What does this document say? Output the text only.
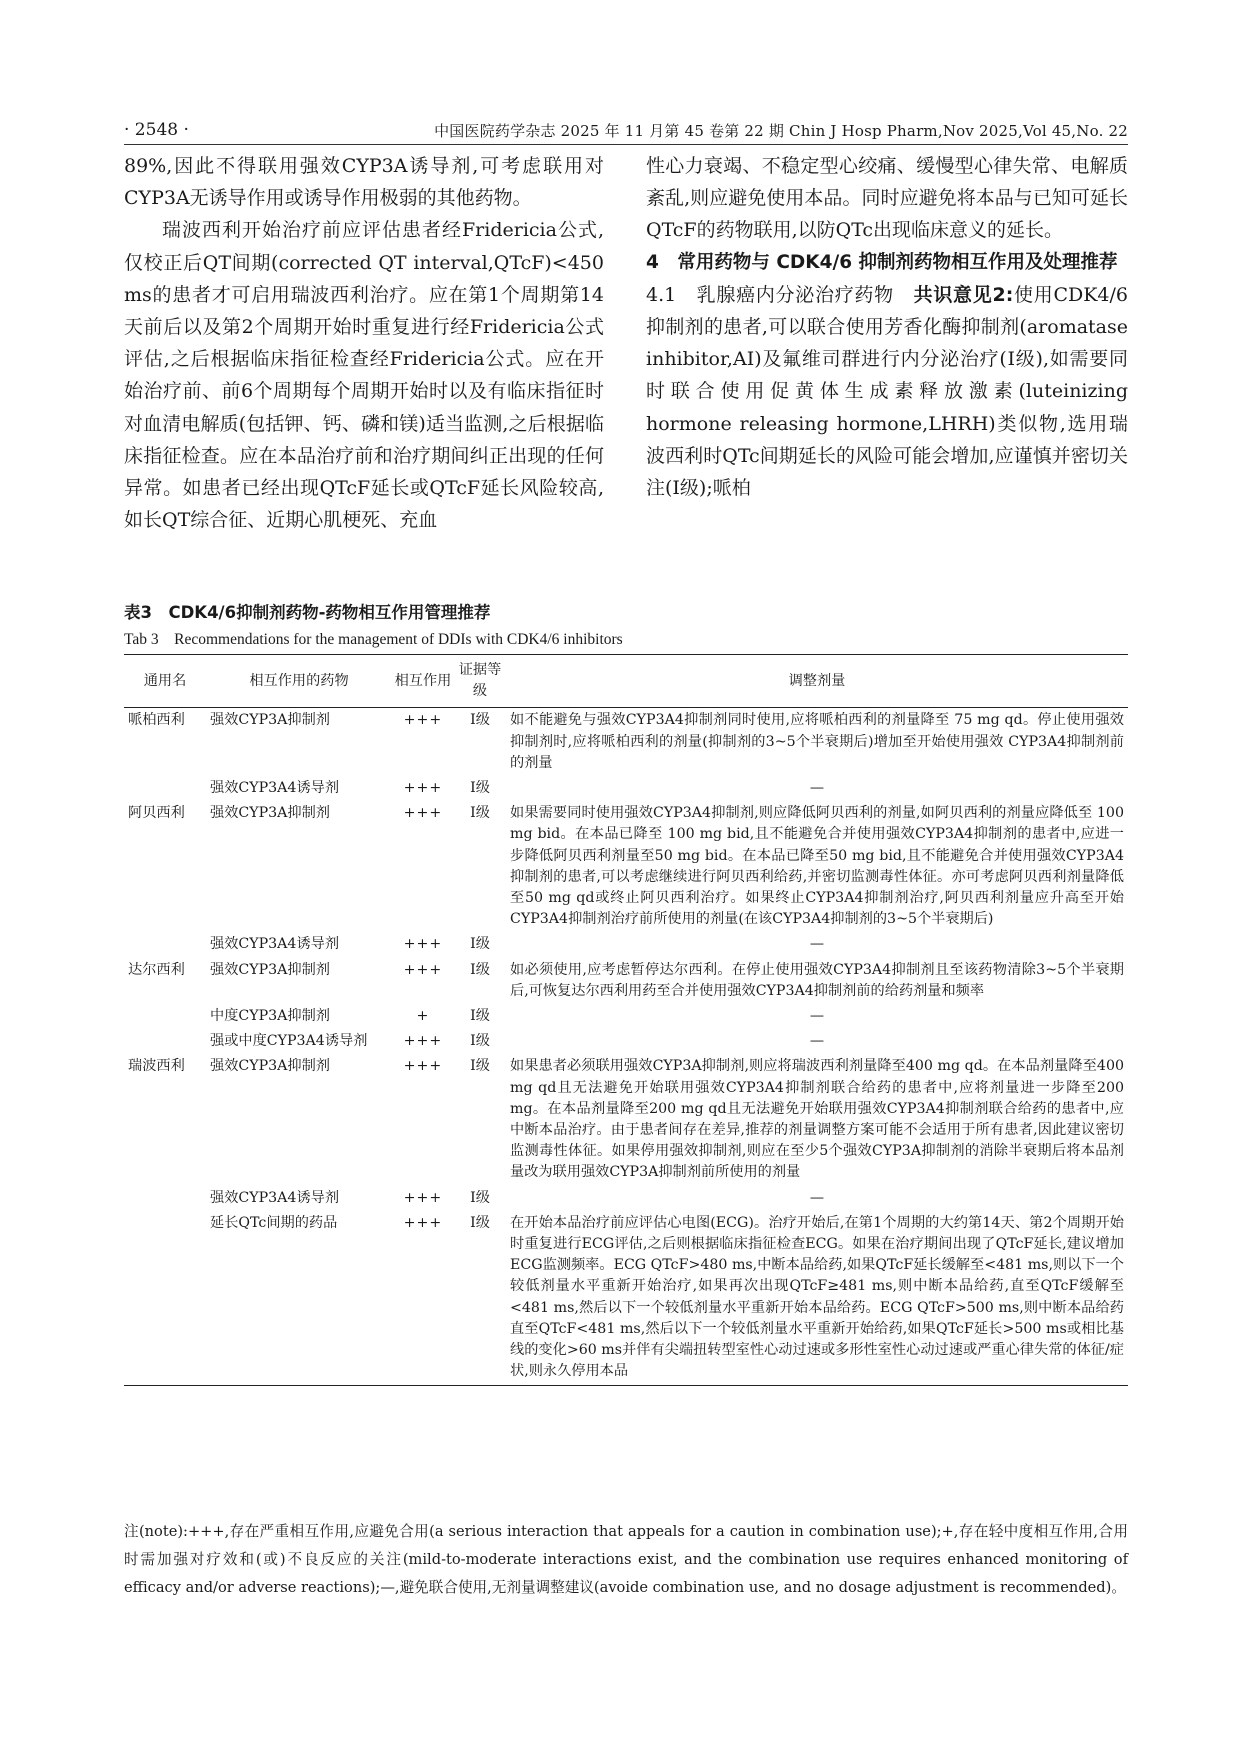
· 2548 ·	中国医院药学杂志 2025 年 11 月第 45 卷第 22 期 Chin J Hosp Pharm,Nov 2025,Vol 45,No. 22

89%,因此不得联用强效CYP3A诱导剂,可考虑联用对CYP3A无诱导作用或诱导作用极弱的其他药物。

瑞波西利开始治疗前应评估患者经Fridericia公式,仅校正后QT间期(corrected QT interval,QTcF)<450 ms的患者才可启用瑞波西利治疗。应在第1个周期第14天前后以及第2个周期开始时重复进行经Fridericia公式评估,之后根据临床指征检查经Fridericia公式。应在开始治疗前、前6个周期每个周期开始时以及有临床指征时对血清电解质(包括钾、钙、磷和镁)适当监测,之后根据临床指征检查。应在本品治疗前和治疗期间纠正出现的任何异常。如患者已经出现QTcF延长或QTcF延长风险较高,如长QT综合征、近期心肌梗死、充血

性心力衰竭、不稳定型心绞痛、缓慢型心律失常、电解质紊乱,则应避免使用本品。同时应避免将本品与已知可延长QTcF的药物联用,以防QTc出现临床意义的延长。

4　常用药物与 CDK4/6 抑制剂药物相互作用及处理推荐

4.1　乳腺癌内分泌治疗药物　 共识意见2:使用CDK4/6抑制剂的患者,可以联合使用芳香化酶抑制剂(aromatase inhibitor,AI)及氟维司群进行内分泌治疗(Ⅰ级),如需要同时联合使用促黄体生成素释放激素(luteinizing hormone releasing hormone,LHRH)类似物,选用瑞波西利时QTc间期延长的风险可能会增加,应谨慎并密切关注(Ⅰ级);哌柏

表3　 CDK4/6抑制剂药物-药物相互作用管理推荐
Tab 3　Recommendations for the management of DDIs with CDK4/6 inhibitors
通用名	相互作用的药物	相互作用	证据等级	调整剂量
哌柏西利	强效CYP3A抑制剂	+++	Ⅰ级	如不能避免与强效CYP3A4抑制剂同时使用,应将哌柏西利的剂量降至 75 mg qd。停止使用强效抑制剂时,应将哌柏西利的剂量(抑制剂的3~5个半衰期后)增加至开始使用强效 CYP3A4抑制剂前的剂量
	强效CYP3A4诱导剂	+++	Ⅰ级	—
阿贝西利	强效CYP3A抑制剂	+++	Ⅰ级	如果需要同时使用强效CYP3A4抑制剂,则应降低阿贝西利的剂量,如阿贝西利的剂量应降低至 100 mg bid。在本品已降至 100 mg bid,且不能避免合并使用强效CYP3A4抑制剂的患者中,应进一步降低阿贝西利剂量至50 mg bid。在本品已降至50 mg bid,且不能避免合并使用强效CYP3A4抑制剂的患者,可以考虑继续进行阿贝西利给药,并密切监测毒性体征。亦可考虑阿贝西利剂量降低至50 mg qd或终止阿贝西利治疗。如果终止CYP3A4抑制剂治疗,阿贝西利剂量应升高至开始CYP3A4抑制剂治疗前所使用的剂量(在该CYP3A4抑制剂的3~5个半衰期后)
	强效CYP3A4诱导剂	+++	Ⅰ级	—
达尔西利	强效CYP3A抑制剂	+++	Ⅰ级	如必须使用,应考虑暂停达尔西利。在停止使用强效CYP3A4抑制剂且至该药物清除3~5个半衰期后,可恢复达尔西利用药至合并使用强效CYP3A4抑制剂前的给药剂量和频率
	中度CYP3A抑制剂	+	Ⅰ级	—
	强或中度CYP3A4诱导剂	+++	Ⅰ级	—
瑞波西利	强效CYP3A抑制剂	+++	Ⅰ级	如果患者必须联用强效CYP3A抑制剂,则应将瑞波西利剂量降至400 mg qd。在本品剂量降至400 mg qd且无法避免开始联用强效CYP3A4抑制剂联合给药的患者中,应将剂量进一步降至200 mg。在本品剂量降至200 mg qd且无法避免开始联用强效CYP3A4抑制剂联合给药的患者中,应中断本品治疗。由于患者间存在差异,推荐的剂量调整方案可能不会适用于所有患者,因此建议密切监测毒性体征。如果停用强效抑制剂,则应在至少5个强效CYP3A抑制剂的消除半衰期后将本品剂量改为联用强效CYP3A抑制剂前所使用的剂量
	强效CYP3A4诱导剂	+++	Ⅰ级	—
	延长QTc间期的药品	+++	Ⅰ级	在开始本品治疗前应评估心电图(ECG)。治疗开始后,在第1个周期的大约第14天、第2个周期开始时重复进行ECG评估,之后则根据临床指征检查ECG。如果在治疗期间出现了QTcF延长,建议增加ECG监测频率。ECG QTcF>480 ms,中断本品给药,如果QTcF延长缓解至<481 ms,则以下一个较低剂量水平重新开始治疗,如果再次出现QTcF≥481 ms,则中断本品给药,直至QTcF缓解至<481 ms,然后以下一个较低剂量水平重新开始本品给药。ECG QTcF>500 ms,则中断本品给药直至QTcF<481 ms,然后以下一个较低剂量水平重新开始给药,如果QTcF延长>500 ms或相比基线的变化>60 ms并伴有尖端扭转型室性心动过速或多形性室性心动过速或严重心律失常的体征/症状,则永久停用本品
注(note):+++,存在严重相互作用,应避免合用(a serious interaction that appeals for a caution in combination use);+,存在轻中度相互作用,合用时需加强对疗效和(或)不良反应的关注(mild-to-moderate interactions exist, and the combination use requires enhanced monitoring of efficacy and/or adverse reactions);—,避免联合使用,无剂量调整建议(avoide combination use, and no dosage adjustment is recommended)。
